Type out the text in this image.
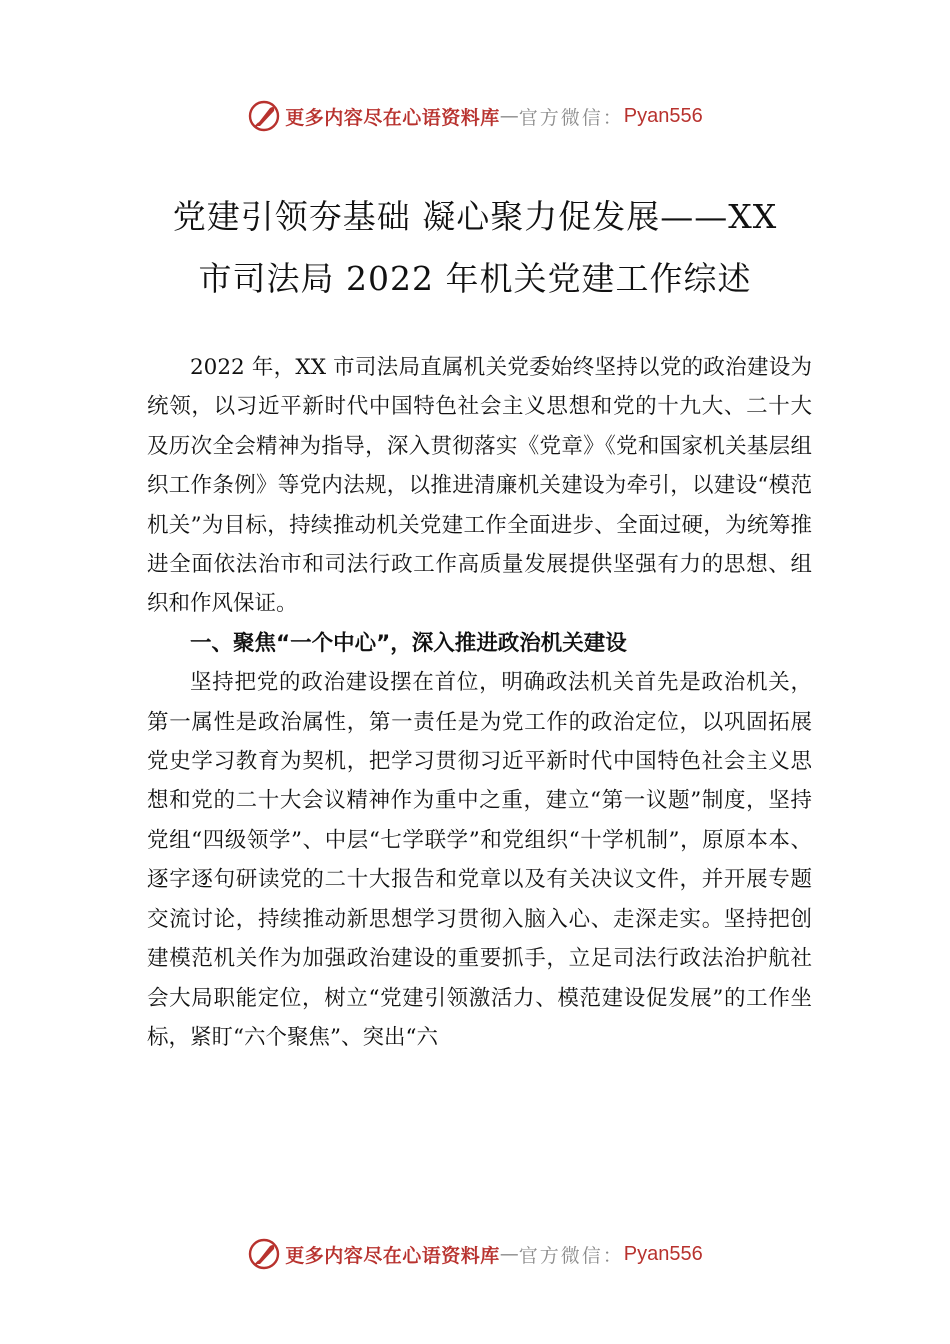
更多内容尽在心语资料库 — 官方微信： Pyan556
党建引领夯基础 凝心聚力促发展——XX
市司法局 2022 年机关党建工作综述

2022 年，XX 市司法局直属机关党委始终坚持以党的政治建设为统领，以习近平新时代中国特色社会主义思想和党的十九大、二十大及历次全会精神为指导，深入贯彻落实《党章》《党和国家机关基层组织工作条例》等党内法规，以推进清廉机关建设为牵引，以建设“模范机关”为目标，持续推动机关党建工作全面进步、全面过硬，为统筹推进全面依法治市和司法行政工作高质量发展提供坚强有力的思想、组织和作风保证。

一、聚焦“一个中心”，深入推进政治机关建设

坚持把党的政治建设摆在首位，明确政法机关首先是政治机关，第一属性是政治属性，第一责任是为党工作的政治定位，以巩固拓展党史学习教育为契机，把学习贯彻习近平新时代中国特色社会主义思想和党的二十大会议精神作为重中之重，建立“第一议题”制度，坚持党组“四级领学”、中层“七学联学”和党组织“十学机制”，原原本本、逐字逐句研读党的二十大报告和党章以及有关决议文件，并开展专题交流讨论，持续推动新思想学习贯彻入脑入心、走深走实。坚持把创建模范机关作为加强政治建设的重要抓手，立足司法行政法治护航社会大局职能定位，树立“党建引领激活力、模范建设促发展”的工作坐标，紧盯“六个聚焦”、突出“六

更多内容尽在心语资料库 — 官方微信： Pyan556
